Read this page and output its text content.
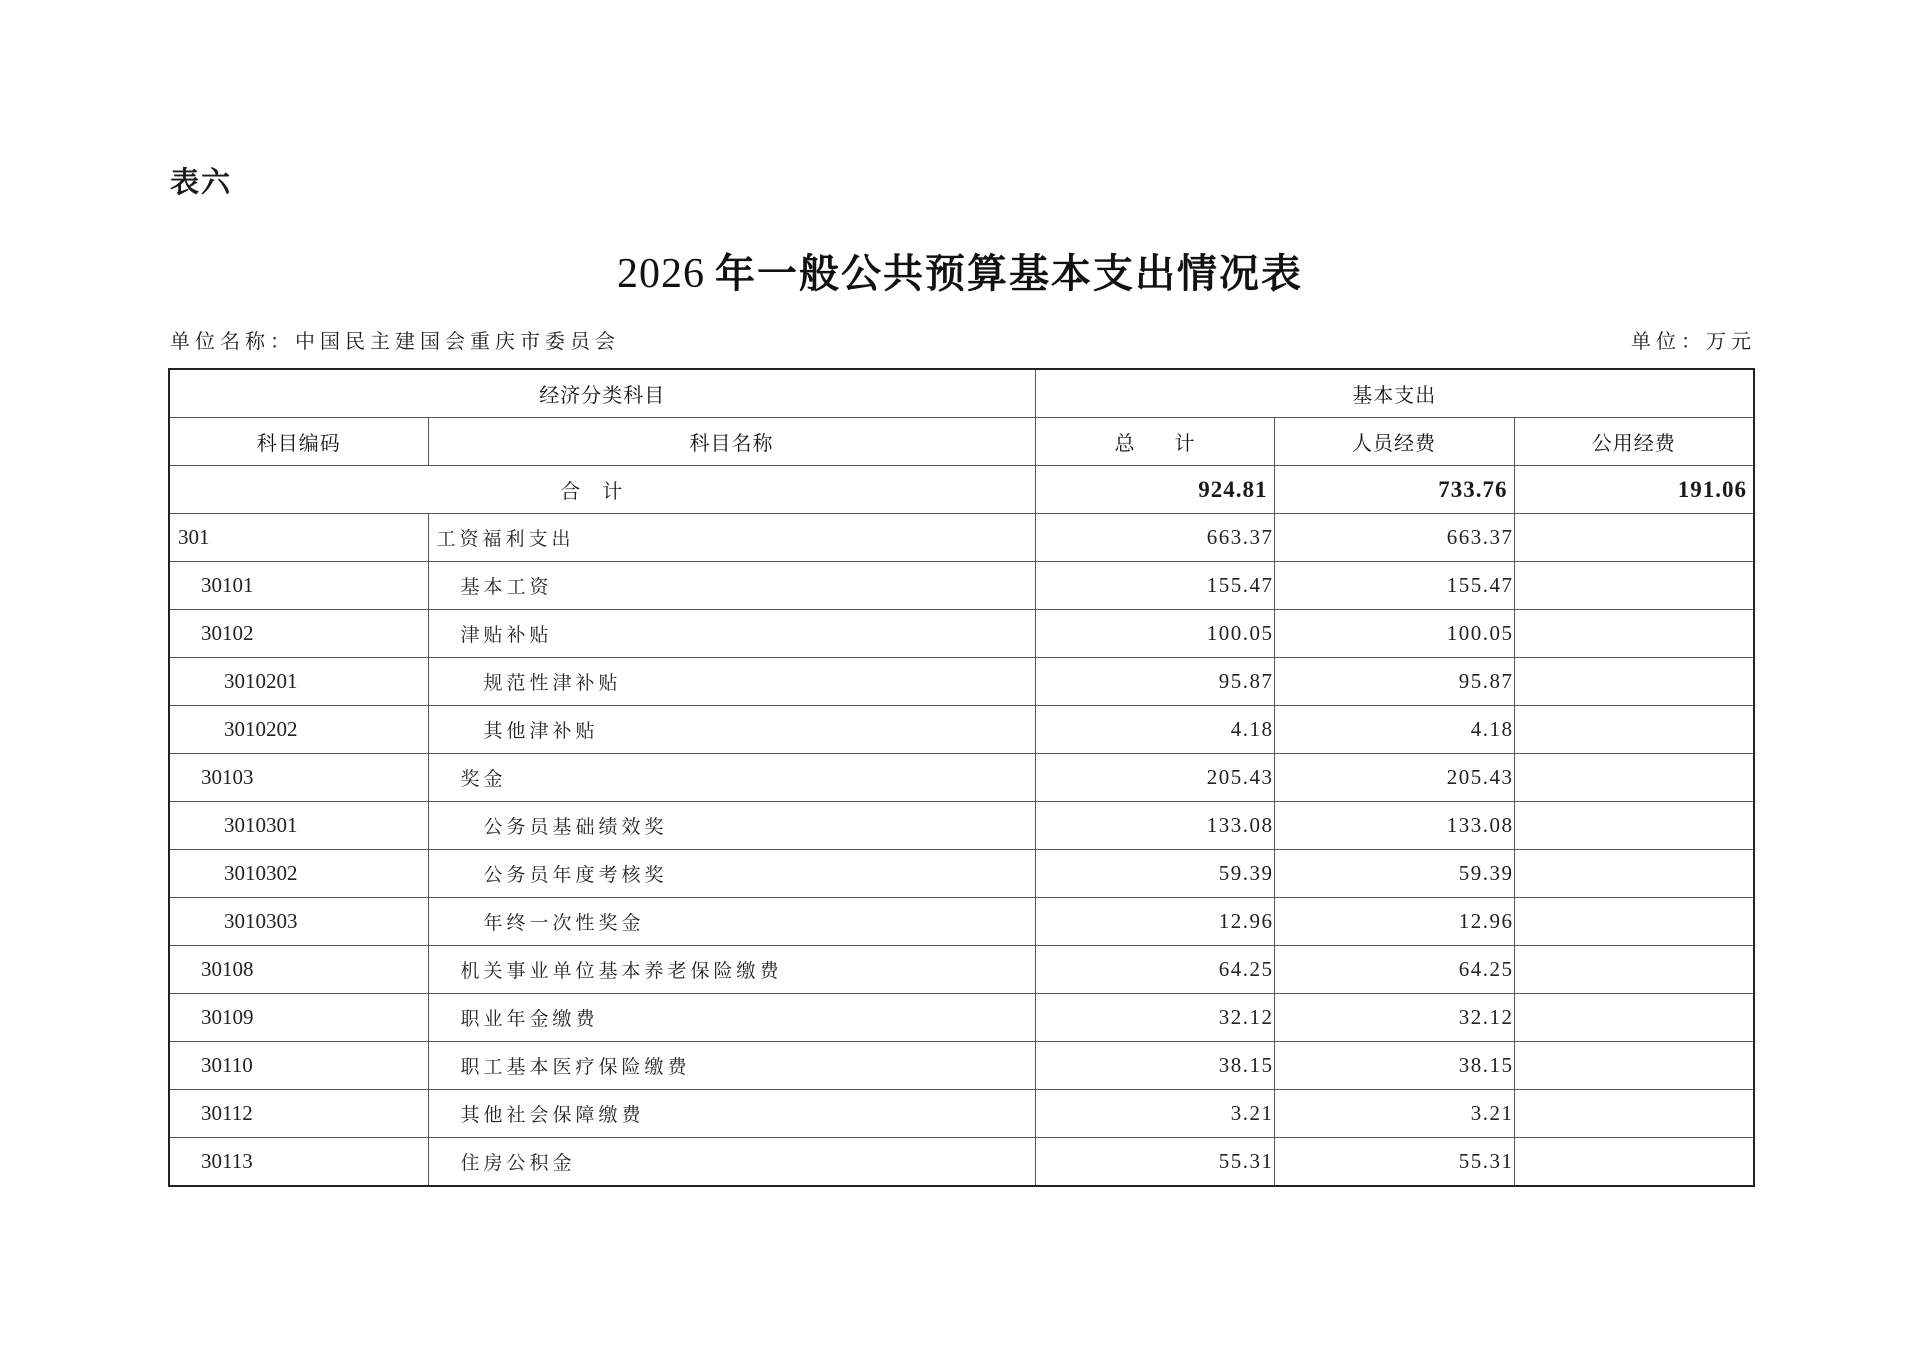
表六
2026 年一般公共预算基本支出情况表
单位名称：中国民主建国会重庆市委员会	单位：万元
经济分类科目		基本支出		
科目编码	科目名称	总计	人员经费	公用经费
合计		924.81	733.76	191.06
301	工资福利支出	663.37	663.37	
30101	基本工资	155.47	155.47	
30102	津贴补贴	100.05	100.05	
3010201	规范性津补贴	95.87	95.87	
3010202	其他津补贴	4.18	4.18	
30103	奖金	205.43	205.43	
3010301	公务员基础绩效奖	133.08	133.08	
3010302	公务员年度考核奖	59.39	59.39	
3010303	年终一次性奖金	12.96	12.96	
30108	机关事业单位基本养老保险缴费	64.25	64.25	
30109	职业年金缴费	32.12	32.12	
30110	职工基本医疗保险缴费	38.15	38.15	
30112	其他社会保障缴费	3.21	3.21	
30113	住房公积金	55.31	55.31	
